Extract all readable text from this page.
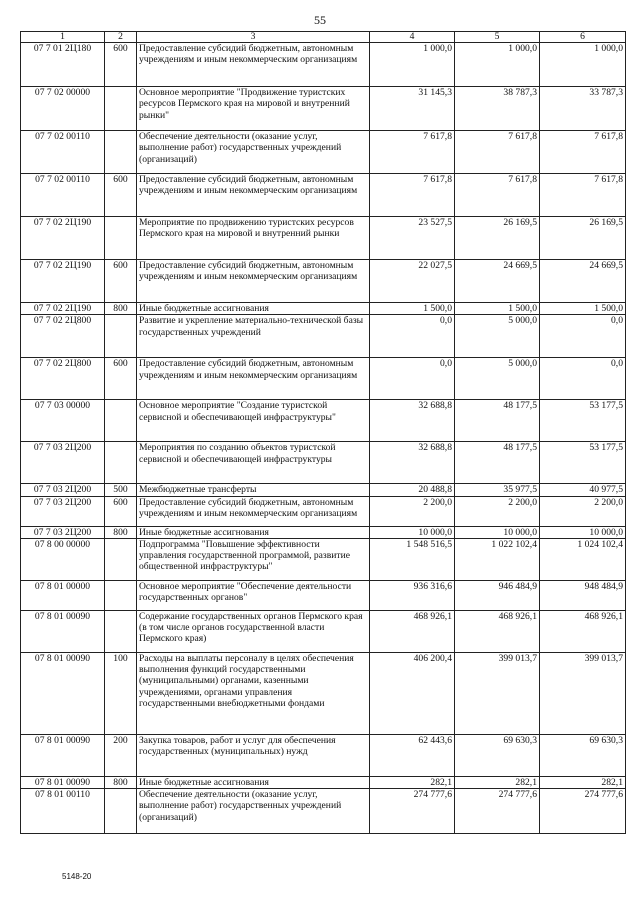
55
1	2	3	4	5	6
07 7 01 2Ц180	600	Предоставление субсидий бюджетным, автономным учреждениям и иным некоммерческим организациям	1 000,0	1 000,0	1 000,0
07 7 02 00000		Основное мероприятие "Продвижение туристских ресурсов Пермского края на мировой и внутренний рынки"	31 145,3	38 787,3	33 787,3
07 7 02 00110		Обеспечение деятельности (оказание услуг, выполнение работ) государственных учреждений (организаций)	7 617,8	7 617,8	7 617,8
07 7 02 00110	600	Предоставление субсидий бюджетным, автономным учреждениям и иным некоммерческим организациям	7 617,8	7 617,8	7 617,8
07 7 02 2Ц190		Мероприятие по продвижению туристских ресурсов Пермского края на мировой и внутренний рынки	23 527,5	26 169,5	26 169,5
07 7 02 2Ц190	600	Предоставление субсидий бюджетным, автономным учреждениям и иным некоммерческим организациям	22 027,5	24 669,5	24 669,5
07 7 02 2Ц190	800	Иные бюджетные ассигнования	1 500,0	1 500,0	1 500,0
07 7 02 2Ц800		Развитие и укрепление материально-технической базы государственных учреждений	0,0	5 000,0	0,0
07 7 02 2Ц800	600	Предоставление субсидий бюджетным, автономным учреждениям и иным некоммерческим организациям	0,0	5 000,0	0,0
07 7 03 00000		Основное мероприятие "Создание туристской сервисной и обеспечивающей инфраструктуры"	32 688,8	48 177,5	53 177,5
07 7 03 2Ц200		Мероприятия по созданию объектов туристской сервисной и обеспечивающей инфраструктуры	32 688,8	48 177,5	53 177,5
07 7 03 2Ц200	500	Межбюджетные трансферты	20 488,8	35 977,5	40 977,5
07 7 03 2Ц200	600	Предоставление субсидий бюджетным, автономным учреждениям и иным некоммерческим организациям	2 200,0	2 200,0	2 200,0
07 7 03 2Ц200	800	Иные бюджетные ассигнования	10 000,0	10 000,0	10 000,0
07 8 00 00000		Подпрограмма "Повышение эффективности управления государственной программой, развитие общественной инфраструктуры"	1 548 516,5	1 022 102,4	1 024 102,4
07 8 01 00000		Основное мероприятие "Обеспечение деятельности государственных органов"	936 316,6	946 484,9	948 484,9
07 8 01 00090		Содержание государственных органов Пермского края (в том числе органов государственной власти Пермского края)	468 926,1	468 926,1	468 926,1
07 8 01 00090	100	Расходы на выплаты персоналу в целях обеспечения выполнения функций государственными (муниципальными) органами, казенными учреждениями, органами управления государственными внебюджетными фондами	406 200,4	399 013,7	399 013,7
07 8 01 00090	200	Закупка товаров, работ и услуг для обеспечения государственных (муниципальных) нужд	62 443,6	69 630,3	69 630,3
07 8 01 00090	800	Иные бюджетные ассигнования	282,1	282,1	282,1
07 8 01 00110		Обеспечение деятельности (оказание услуг, выполнение работ) государственных учреждений (организаций)	274 777,6	274 777,6	274 777,6
5148-20
